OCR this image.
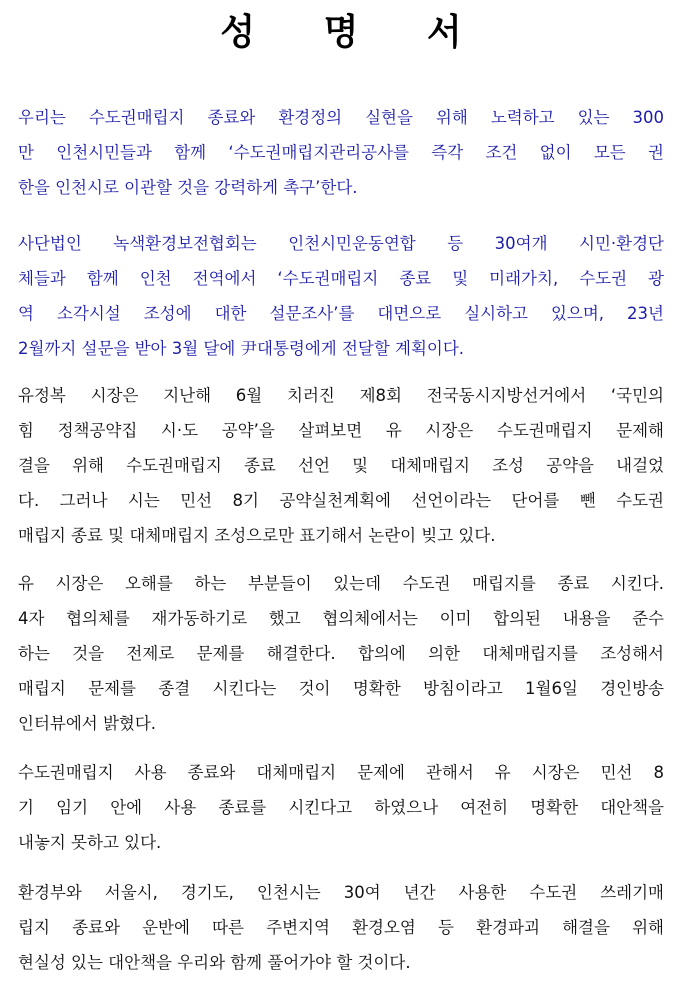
성 명 서
우리는 수도권매립지 종료와 환경정의 실현을 위해 노력하고 있는 300
만 인천시민들과 함께 ‘수도권매립지관리공사를 즉각 조건 없이 모든 권
한을 인천시로 이관할 것을 강력하게 촉구’한다.
사단법인 녹색환경보전협회는 인천시민운동연합 등 30여개 시민·환경단
체들과 함께 인천 전역에서 ‘수도권매립지 종료 및 미래가치, 수도권 광
역 소각시설 조성에 대한 설문조사’를 대면으로 실시하고 있으며, 23년
2월까지 설문을 받아 3월 달에 尹대통령에게 전달할 계획이다.
유정복 시장은 지난해 6월 치러진 제8회 전국동시지방선거에서 ‘국민의
힘 정책공약집 시·도 공약’을 살펴보면 유 시장은 수도권매립지 문제해
결을 위해 수도권매립지 종료 선언 및 대체매립지 조성 공약을 내걸었
다. 그러나 시는 민선 8기 공약실천계획에 선언이라는 단어를 뺀 수도권
매립지 종료 및 대체매립지 조성으로만 표기해서 논란이 빚고 있다.
유 시장은 오해를 하는 부분들이 있는데 수도권 매립지를 종료 시킨다.
4자 협의체를 재가동하기로 했고 협의체에서는 이미 합의된 내용을 준수
하는 것을 전제로 문제를 해결한다. 합의에 의한 대체매립지를 조성해서
매립지 문제를 종결 시킨다는 것이 명확한 방침이라고 1월6일 경인방송
인터뷰에서 밝혔다.
수도권매립지 사용 종료와 대체매립지 문제에 관해서 유 시장은 민선 8
기 임기 안에 사용 종료를 시킨다고 하였으나 여전히 명확한 대안책을
내놓지 못하고 있다.
환경부와 서울시, 경기도, 인천시는 30여 년간 사용한 수도권 쓰레기매
립지 종료와 운반에 따른 주변지역 환경오염 등 환경파괴 해결을 위해
현실성 있는 대안책을 우리와 함께 풀어가야 할 것이다.
